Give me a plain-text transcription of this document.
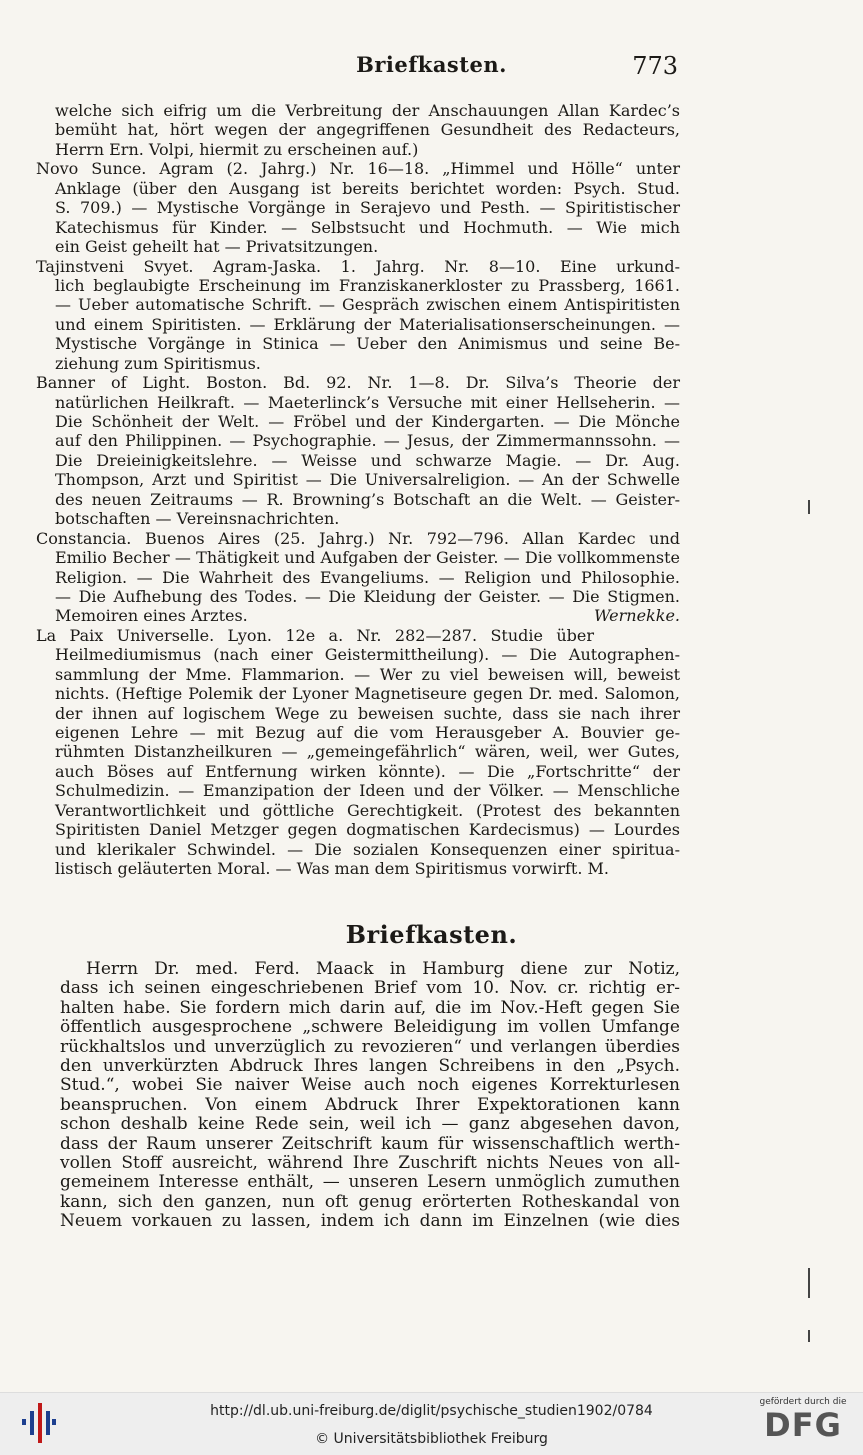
Briefkasten.	773
welche sich eifrig um die Verbreitung der Anschauungen Allan Kardec’s
bemüht hat, hört wegen der angegriffenen Gesundheit des Redacteurs,
Herrn Ern. Volpi, hiermit zu erscheinen auf.)
Novo Sunce. Agram (2. Jahrg.) Nr. 16—18. „Himmel und Hölle“ unter
Anklage (über den Ausgang ist bereits berichtet worden: Psych. Stud.
S. 709.) — Mystische Vorgänge in Serajevo und Pesth. — Spiritistischer
Katechismus für Kinder. — Selbstsucht und Hochmuth. — Wie mich
ein Geist geheilt hat — Privatsitzungen.
Tajinstveni Svyet. Agram-Jaska. 1. Jahrg. Nr. 8—10. Eine urkund-
lich beglaubigte Erscheinung im Franziskanerkloster zu Prassberg, 1661.
— Ueber automatische Schrift. — Gespräch zwischen einem Antispiritisten
und einem Spiritisten. — Erklärung der Materialisationserscheinungen. —
Mystische Vorgänge in Stinica — Ueber den Animismus und seine Be-
ziehung zum Spiritismus.
Banner of Light. Boston. Bd. 92. Nr. 1—8. Dr. Silva’s Theorie der
natürlichen Heilkraft. — Maeterlinck’s Versuche mit einer Hellseherin. —
Die Schönheit der Welt. — Fröbel und der Kindergarten. — Die Mönche
auf den Philippinen. — Psychographie. — Jesus, der Zimmermannssohn. —
Die Dreieinigkeitslehre. — Weisse und schwarze Magie. — Dr. Aug.
Thompson, Arzt und Spiritist — Die Universalreligion. — An der Schwelle
des neuen Zeitraums — R. Browning’s Botschaft an die Welt. — Geister-
botschaften — Vereinsnachrichten.
Constancia. Buenos Aires (25. Jahrg.) Nr. 792—796. Allan Kardec und
Emilio Becher — Thätigkeit und Aufgaben der Geister. — Die vollkommenste
Religion. — Die Wahrheit des Evangeliums. — Religion und Philosophie.
— Die Aufhebung des Todes. — Die Kleidung der Geister. — Die Stigmen.
Memoiren eines Arztes.	Wernekke.
La Paix Universelle. Lyon. 12e a. Nr. 282—287. Studie über
Heilmediumismus (nach einer Geistermittheilung). — Die Autographen-
sammlung der Mme. Flammarion. — Wer zu viel beweisen will, beweist
nichts. (Heftige Polemik der Lyoner Magnetiseure gegen Dr. med. Salomon,
der ihnen auf logischem Wege zu beweisen suchte, dass sie nach ihrer
eigenen Lehre — mit Bezug auf die vom Herausgeber A. Bouvier ge-
rühmten Distanzheilkuren — „gemeingefährlich“ wären, weil, wer Gutes,
auch Böses auf Entfernung wirken könnte). — Die „Fortschritte“ der
Schulmedizin. — Emanzipation der Ideen und der Völker. — Menschliche
Verantwortlichkeit und göttliche Gerechtigkeit. (Protest des bekannten
Spiritisten Daniel Metzger gegen dogmatischen Kardecismus) — Lourdes
und klerikaler Schwindel. — Die sozialen Konsequenzen einer spiritua-
listisch geläuterten Moral. — Was man dem Spiritismus vorwirft. M.
Briefkasten.
Herrn Dr. med. Ferd. Maack in Hamburg diene zur Notiz,
dass ich seinen eingeschriebenen Brief vom 10. Nov. cr. richtig er-
halten habe. Sie fordern mich darin auf, die im Nov.-Heft gegen Sie
öffentlich ausgesprochene „schwere Beleidigung im vollen Umfange
rückhaltslos und unverzüglich zu revozieren“ und verlangen überdies
den unverkürzten Abdruck Ihres langen Schreibens in den „Psych.
Stud.“, wobei Sie naiver Weise auch noch eigenes Korrekturlesen
beanspruchen. Von einem Abdruck Ihrer Expektorationen kann
schon deshalb keine Rede sein, weil ich — ganz abgesehen davon,
dass der Raum unserer Zeitschrift kaum für wissenschaftlich werth-
vollen Stoff ausreicht, während Ihre Zuschrift nichts Neues von all-
gemeinem Interesse enthält, — unseren Lesern unmöglich zumuthen
kann, sich den ganzen, nun oft genug erörterten Rotheskandal von
Neuem vorkauen zu lassen, indem ich dann im Einzelnen (wie dies
http://dl.ub.uni-freiburg.de/diglit/psychische_studien1902/0784
© Universitätsbibliothek Freiburg
gefördert durch die
DFG
